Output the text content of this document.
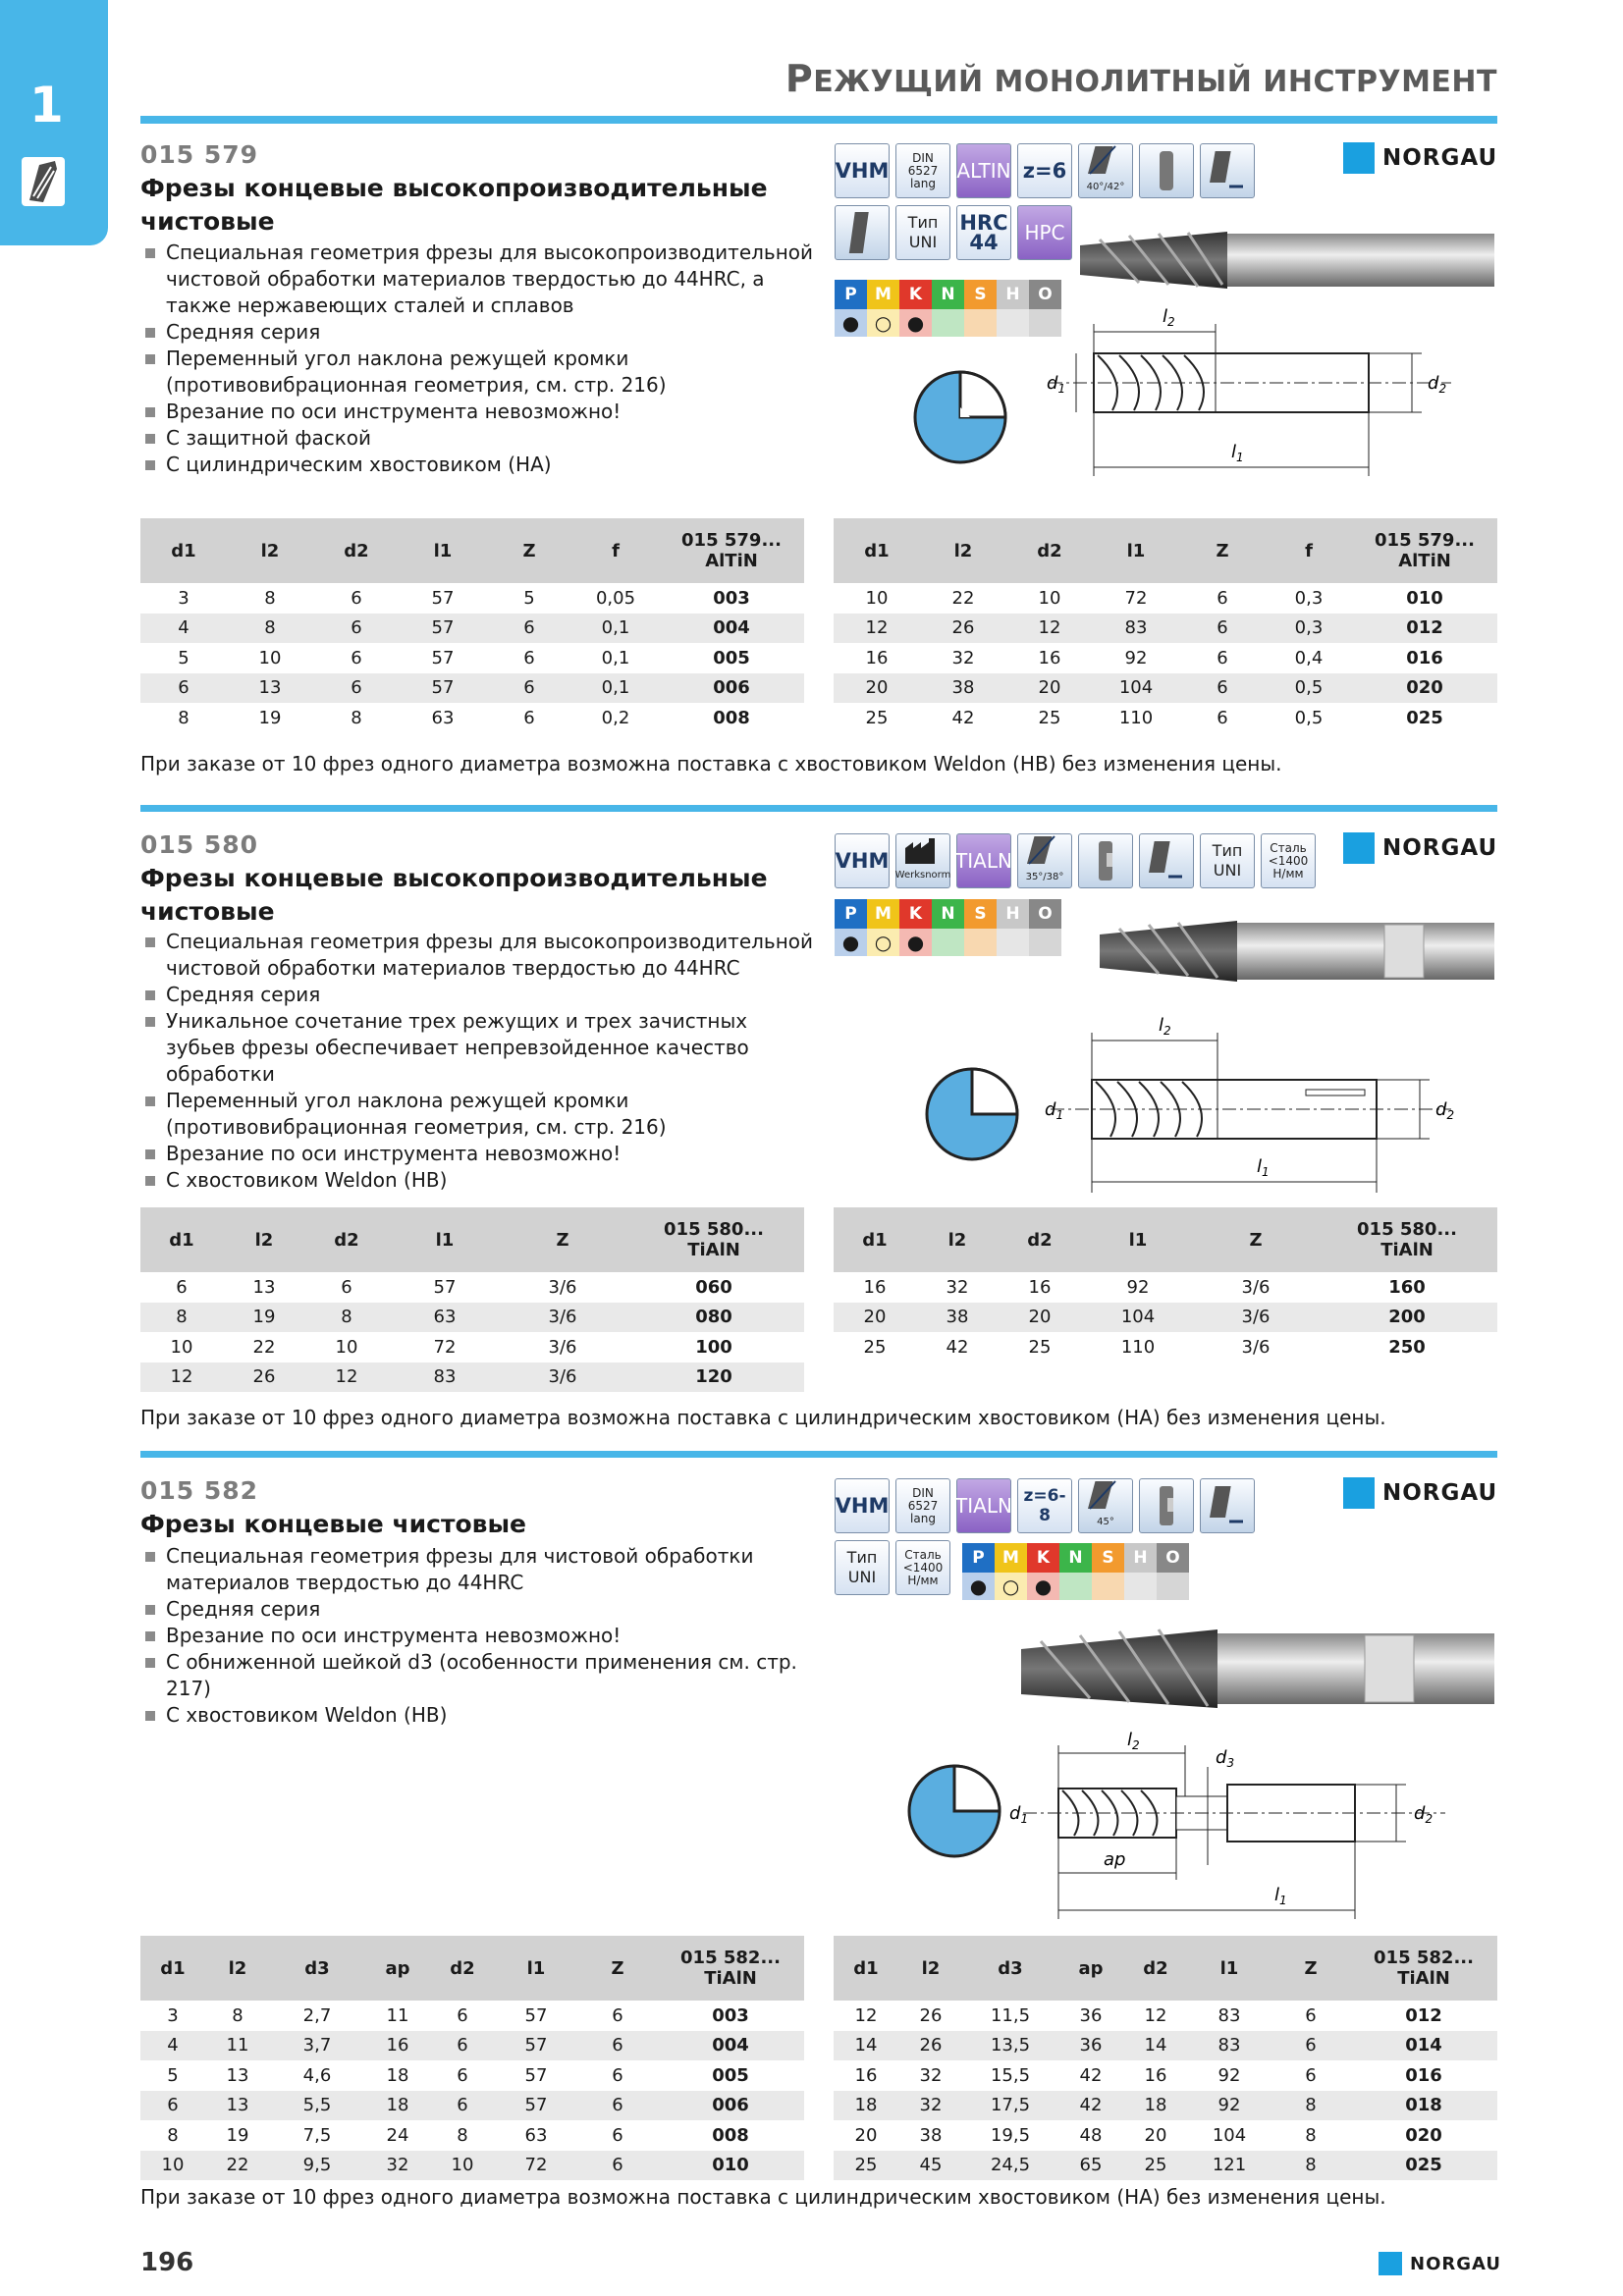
1	РЕЖУЩИЙ МОНОЛИТНЫЙ ИНСТРУМЕНТ
015 579
Фрезы концевые высокопроизводительные чистовые
Специальная геометрия фрезы для высокопроизводительной чистовой обработки материалов твердостью до 44HRC, а также нержавеющих сталей и сплавов
Средняя серия
Переменный угол наклона режущей кромки (противовибрационная геометрия, см. стр. 216)
Врезание по оси инструмента невозможно!
С защитной фаской
С цилиндрическим хвостовиком (HA)
VHM
DIN 6527 lang
ALTIN z=6
40°/42°
Тип UNI
HRC 44	HPC
P	M	K	N	S	H	O
● ○ ●
NORGAU
$l_2$
$d_1$	$d_2$
$l_1$
d1	l2	d2	l1	Z	f	015 579...
AlTiN

3	8	6	57	5	0,05	003
4	8	6	57	6	0,1	004
5	10	6	57	6	0,1	005
6	13	6	57	6	0,1	006
8	19	8	63	6	0,2	008
d1	l2	d2	l1	Z	f	015 579...
AlTiN

10	22	10	72	6	0,3	010
12	26	12	83	6	0,3	012
16	32	16	92	6	0,4	016
20	38	20	104	6	0,5	020
25	42	25	110	6	0,5	025
При заказе от 10 фрез одного диаметра возможна поставка с хвостовиком Weldon (HB) без изменения цены.
015 580
Фрезы концевые высокопроизводительные чистовые
Специальная геометрия фрезы для высокопроизводительной чистовой обработки материалов твердостью до 44HRC
Средняя серия
Уникальное сочетание трех режущих и трех зачистных зубьев фрезы обеспечивает непревзойденное качество обработки
Переменный угол наклона режущей кромки (противовибрационная геометрия, см. стр. 216)
Врезание по оси инструмента невозможно!
С хвостовиком Weldon (HB)
VHM
Werksnorm
TIALN
35°/38°
Тип UNI
Сталь <1400 Н/мм
P	M	K	N	S	H	O
● ○ ●
NORGAU
$l_2$
$d_1$	$d_2$
$l_1$
d1	l2	d2	l1	Z	015 580...
TiAlN

6	13	6	57	3/6	060
8	19	8	63	3/6	080
10	22	10	72	3/6	100
12	26	12	83	3/6	120
d1	l2	d2	l1	Z	015 580...
TiAlN

16	32	16	92	3/6	160
20	38	20	104	3/6	200
25	42	25	110	3/6	250
При заказе от 10 фрез одного диаметра возможна поставка с цилиндрическим хвостовиком (HA) без изменения цены.
015 582
Фрезы концевые чистовые
Специальная геометрия фрезы для чистовой обработки материалов твердостью до 44HRC
Средняя серия
Врезание по оси инструмента невозможно!
С обниженной шейкой d3 (особенности применения см. стр. 217)
С хвостовиком Weldon (HB)
VHM
DIN 6527 lang
TIALN z=6-8	45°
Тип UNI
Сталь <1400 Н/мм
P	M	K	N	S	H	O
● ○ ●
NORGAU
$l_2$
$d_3$
$d_1$	$d_2$
ap
$l_1$
d1	l2	d3	ap	d2	l1	Z	015 582...
TiAlN

3	8	2,7	11	6	57	6	003
4	11	3,7	16	6	57	6	004
5	13	4,6	18	6	57	6	005
6	13	5,5	18	6	57	6	006
8	19	7,5	24	8	63	6	008
10	22	9,5	32	10	72	6	010
d1	l2	d3	ap	d2	l1	Z	015 582...
TiAlN

12	26	11,5	36	12	83	6	012
14	26	13,5	36	14	83	6	014
16	32	15,5	42	16	92	6	016
18	32	17,5	42	18	92	8	018
20	38	19,5	48	20	104	8	020
25	45	24,5	65	25	121	8	025
При заказе от 10 фрез одного диаметра возможна поставка с цилиндрическим хвостовиком (HA) без изменения цены.
196	NORGAU
